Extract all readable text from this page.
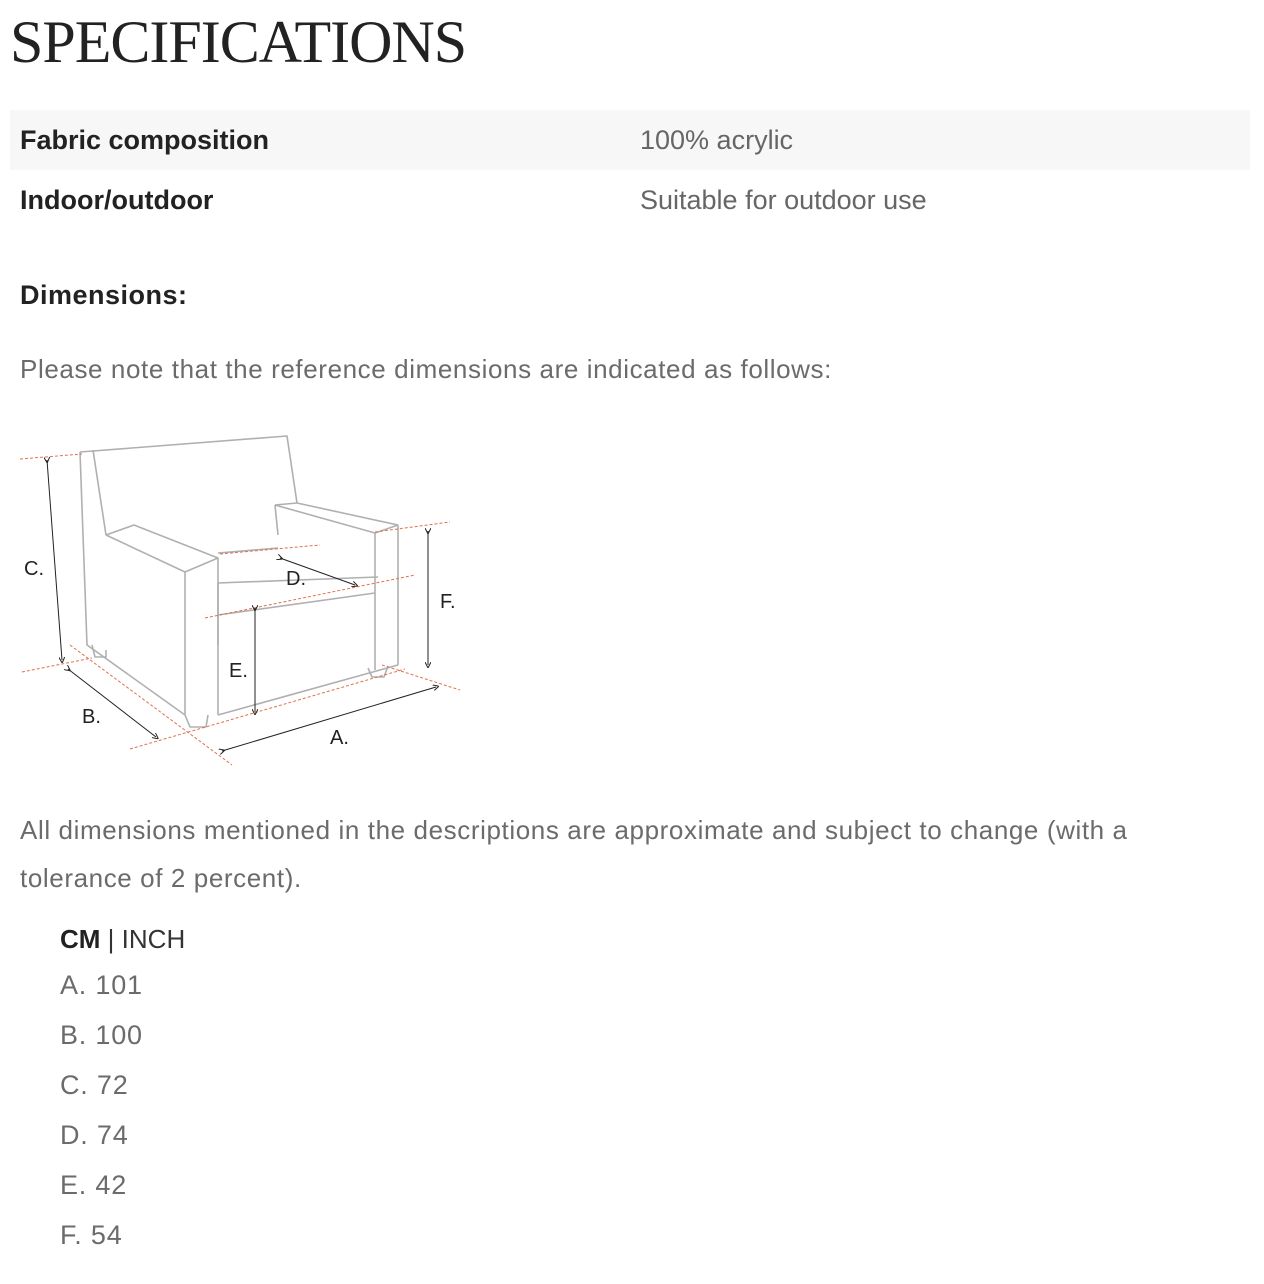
SPECIFICATIONS
Fabric composition	100% acrylic
Indoor/outdoor	Suitable for outdoor use
Dimensions:

Please note that the reference dimensions are indicated as follows:

C.
B.
A.
E.
F.
D.

All dimensions mentioned in the descriptions are approximate and subject to change (with a tolerance of 2 percent).

CM | INCH
A. 101
B. 100
C. 72
D. 74
E. 42
F. 54
